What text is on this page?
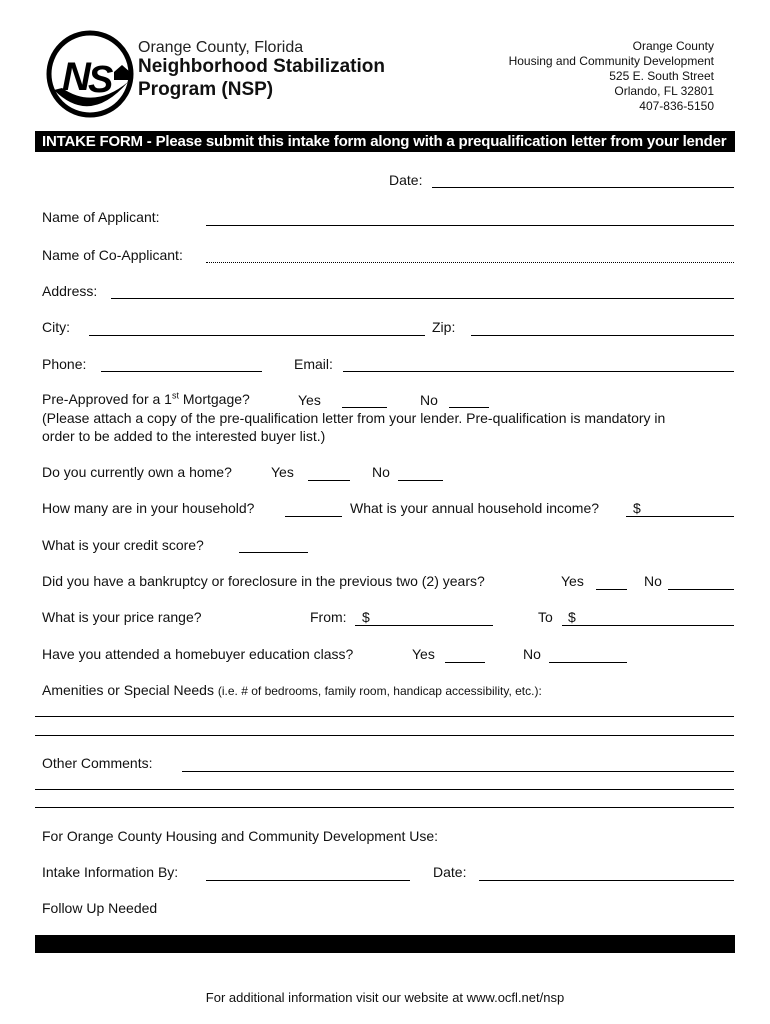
N
S
Orange County, Florida
Neighborhood Stabilization
Program (NSP)
Orange County
Housing and Community Development
525 E. South Street
Orlando, FL 32801
407-836-5150
INTAKE FORM - Please submit this intake form along with a prequalification letter from your lender
Date:
Name of Applicant:
Name of Co-Applicant:
Address:
City:	Zip:
Phone:	Email:
Pre-Approved for a 1st Mortgage?	Yes	No
(Please attach a copy of the pre-qualification letter from your lender. Pre-qualification is mandatory in
order to be added to the interested buyer list.)
Do you currently own a home?	Yes	No
How many are in your household?	What is your annual household income? $
What is your credit score?
Did you have a bankruptcy or foreclosure in the previous two (2) years?	Yes	No
What is your price range?	From: $	To $
Have you attended a homebuyer education class?	Yes	No
Amenities or Special Needs (i.e. # of bedrooms, family room, handicap accessibility, etc.):
Other Comments:
For Orange County Housing and Community Development Use:
Intake Information By:	Date:
Follow Up Needed
For additional information visit our website at www.ocfl.net/nsp
